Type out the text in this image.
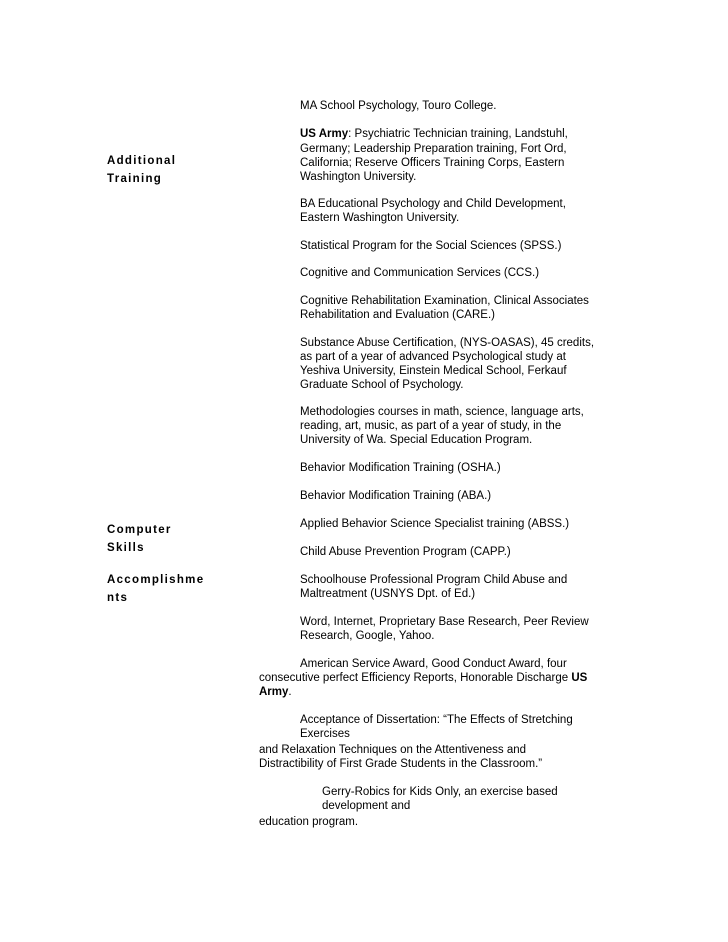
Additional
Training
Computer
Skills
Accomplishme
nts
MA School Psychology, Touro College.
US Army: Psychiatric Technician training, Landstuhl,
Germany; Leadership Preparation training, Fort Ord,
California; Reserve Officers Training Corps, Eastern
Washington University.
BA Educational Psychology and Child Development,
Eastern Washington University.
Statistical Program for the Social Sciences (SPSS.)
Cognitive and Communication Services (CCS.)
Cognitive Rehabilitation Examination, Clinical Associates
Rehabilitation and Evaluation (CARE.)
Substance Abuse Certification, (NYS-OASAS), 45 credits,
as part of a year of advanced Psychological study at
Yeshiva University, Einstein Medical School, Ferkauf
Graduate School of Psychology.
Methodologies courses in math, science, language arts,
reading, art, music, as part of a year of study, in the
University of Wa. Special Education Program.
Behavior Modification Training (OSHA.)
Behavior Modification Training (ABA.)
Applied Behavior Science Specialist training (ABSS.)
Child Abuse Prevention Program (CAPP.)
Schoolhouse Professional Program Child Abuse and
Maltreatment (USNYS Dpt. of Ed.)
Word, Internet, Proprietary Base Research, Peer Review
Research, Google, Yahoo.
American Service Award, Good Conduct Award, four
consecutive perfect Efficiency Reports, Honorable Discharge US
Army.
Acceptance of Dissertation: “The Effects of Stretching
Exercises
and Relaxation Techniques on the Attentiveness and
Distractibility of First Grade Students in the Classroom.”
Gerry-Robics for Kids Only, an exercise based
development and
education program.
